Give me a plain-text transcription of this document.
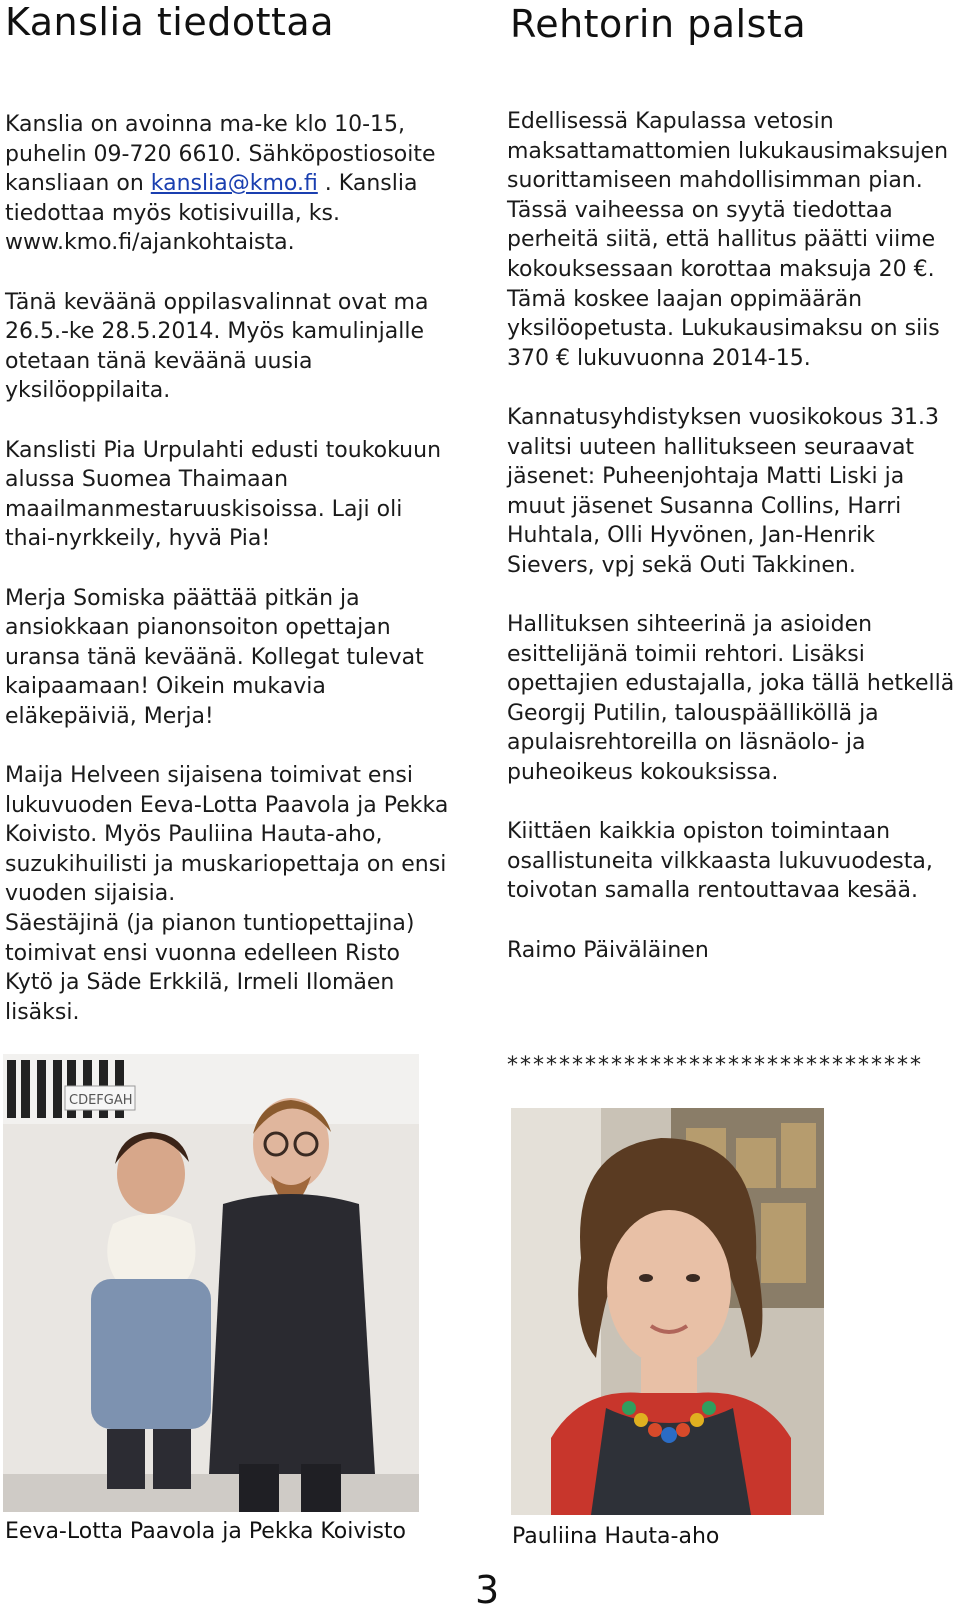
Kanslia tiedottaa	Rehtorin palsta

Kanslia on avoinna ma-ke klo 10-15, puhelin 09-720 6610. Sähköpostiosoite kansliaan on kanslia@kmo.fi . Kanslia tiedottaa myös kotisivuilla, ks. www.kmo.fi/ajankohtaista.

Tänä keväänä oppilasvalinnat ovat ma 26.5.-ke 28.5.2014. Myös kamulinjalle otetaan tänä keväänä uusia yksilöoppilaita.

Kanslisti Pia Urpulahti edusti toukokuun alussa Suomea Thaimaan maailmanmestaruuskisoissa. Laji oli thai-nyrkkeily, hyvä Pia!

Merja Somiska päättää pitkän ja ansiokkaan pianonsoiton opettajan uransa tänä keväänä. Kollegat tulevat kaipaamaan! Oikein mukavia eläkepäiviä, Merja!

Maija Helveen sijaisena toimivat ensi lukuvuoden Eeva-Lotta Paavola ja Pekka Koivisto. Myös Pauliina Hauta-aho, suzukihuilisti ja muskariopettaja on ensi vuoden sijaisia.

Säestäjinä (ja pianon tuntiopettajina) toimivat ensi vuonna edelleen Risto Kytö ja Säde Erkkilä, Irmeli Ilomäen lisäksi.

Edellisessä Kapulassa vetosin maksattamattomien lukukausimaksujen suorittamiseen mahdollisimman pian. Tässä vaiheessa on syytä tiedottaa perheitä siitä, että hallitus päätti viime kokouksessaan korottaa maksuja 20 €. Tämä koskee laajan oppimäärän yksilöopetusta. Lukukausimaksu on siis 370 € lukuvuonna 2014-15.

Kannatusyhdistyksen vuosikokous 31.3 valitsi uuteen hallitukseen seuraavat jäsenet: Puheenjohtaja Matti Liski ja muut jäsenet Susanna Collins, Harri Huhtala, Olli Hyvönen, Jan-Henrik Sievers, vpj sekä Outi Takkinen.

Hallituksen sihteerinä ja asioiden esittelijänä toimii rehtori. Lisäksi opettajien edustajalla, joka tällä hetkellä Georgij Putilin, talouspäälliköllä ja apulaisrehtoreilla on läsnäolo- ja puheoikeus kokouksissa.

Kiittäen kaikkia opiston toimintaan osallistuneita vilkkaasta lukuvuodesta, toivotan samalla rentouttavaa kesää.

Raimo Päiväläinen

********************************
CDEFGAH
Eeva-Lotta Paavola ja Pekka Koivisto	Pauliina Hauta-aho
3
